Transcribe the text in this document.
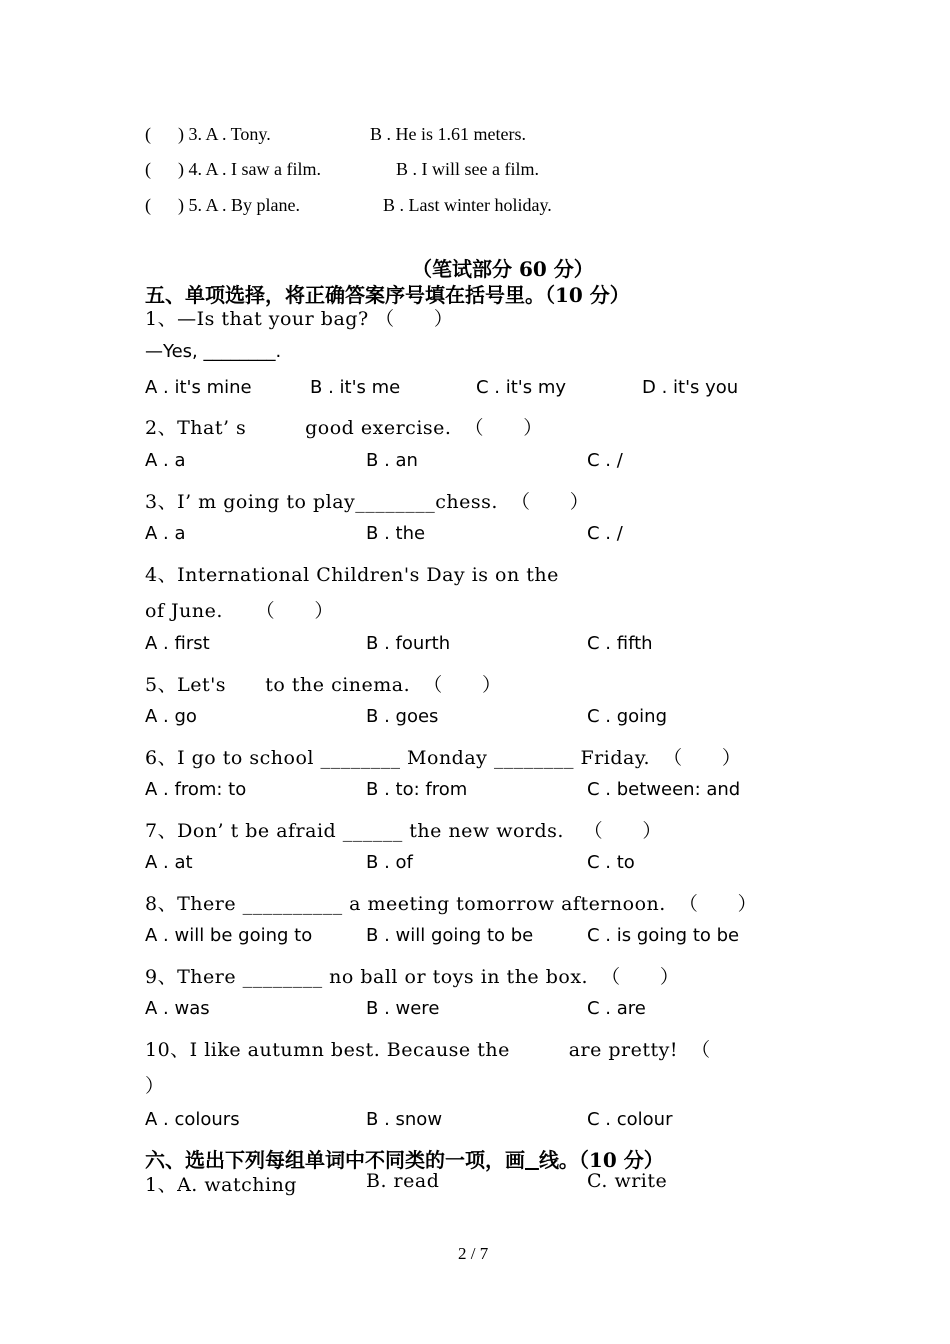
( ) 3. A . Tony.	B . He is 1.61 meters.
( ) 4. A . I saw a film.	B . I will see a film.
( ) 5. A . By plane.	B . Last winter holiday.
（笔试部分 60 分）
五、单项选择，将正确答案序号填在括号里。（10 分）
1、—Is that your bag? （      ）
—Yes, ________.
A . it's mine	B . it's me	C . it's my	D . it's you
2、That’ s         good exercise.  （      ）
A . a	B . an	C . /
3、I’ m going to play________chess.  （      ）
A . a	B . the	C . /
4、International Children's Day is on the
of June.     （      ）
A . first	B . fourth	C . fifth
5、Let's      to the cinema.  （      ）
A . go	B . goes	C . going
6、I go to school ________ Monday ________ Friday.  （      ）
A . from: to	B . to: from	C . between: and
7、Don’ t be afraid ______ the new words.   （      ）
A . at	B . of	C . to
8、There __________ a meeting tomorrow afternoon.  （      ）
A . will be going to	B . will going to be	C . is going to be
9、There ________ no ball or toys in the box.  （      ）
A . was	B . were	C . are
10、I like autumn best. Because the         are pretty!  （
）
A . colours	B . snow	C . colour
六、选出下列每组单词中不同类的一项，画 线。（10 分）
1、A. watching	B. read	C. write
2 / 7
